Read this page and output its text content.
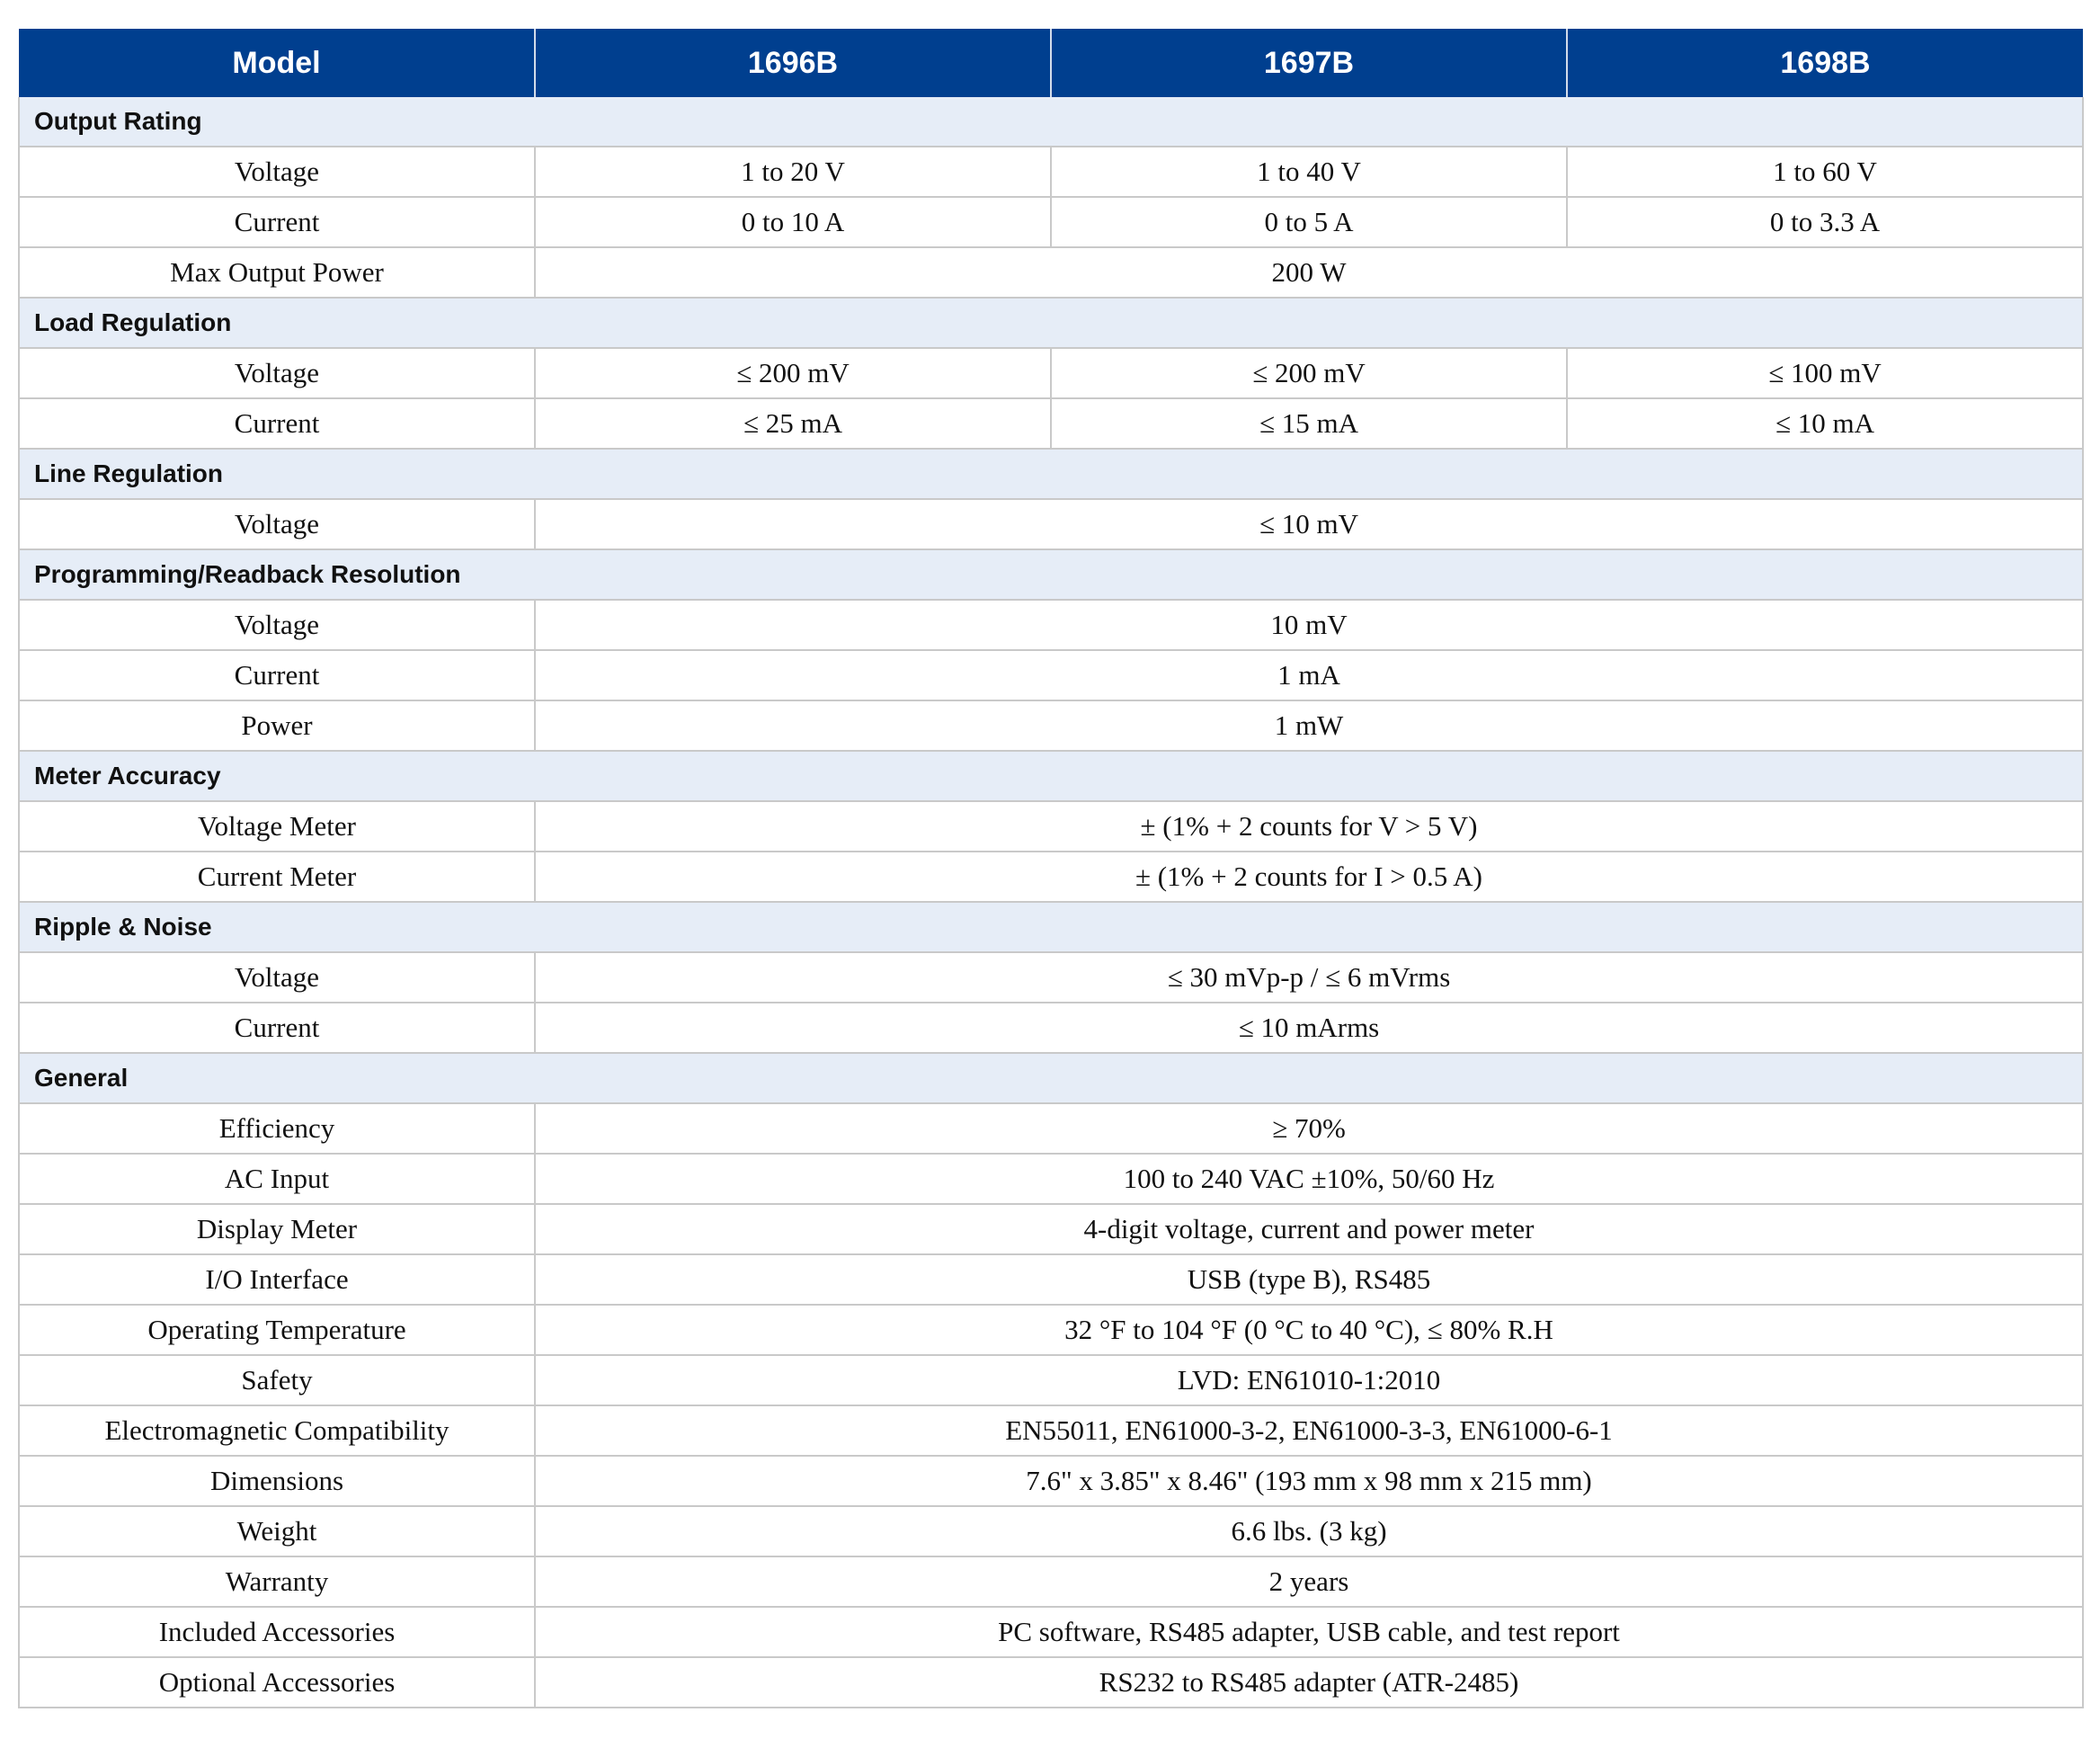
Model	1696B	1697B	1698B
Output Rating			
Voltage	1 to 20 V	1 to 40 V	1 to 60 V
Current	0 to 10 A	0 to 5 A	0 to 3.3 A
Max Output Power	200 W		
Load Regulation			
Voltage	≤ 200 mV	≤ 200 mV	≤ 100 mV
Current	≤ 25 mA	≤ 15 mA	≤ 10 mA
Line Regulation			
Voltage	≤ 10 mV		
Programming/Readback Resolution			
Voltage	10 mV		
Current	1 mA		
Power	1 mW		
Meter Accuracy			
Voltage Meter	± (1% + 2 counts for V > 5 V)		
Current Meter	± (1% + 2 counts for I > 0.5 A)		
Ripple & Noise			
Voltage	≤ 30 mVp-p / ≤ 6 mVrms		
Current	≤ 10 mArms		
General			
Efficiency	≥ 70%		
AC Input	100 to 240 VAC ±10%, 50/60 Hz		
Display Meter	4-digit voltage, current and power meter		
I/O Interface	USB (type B), RS485		
Operating Temperature	32 °F to 104 °F (0 °C to 40 °C), ≤ 80% R.H		
Safety	LVD: EN61010-1:2010		
Electromagnetic Compatibility	EN55011, EN61000-3-2, EN61000-3-3, EN61000-6-1		
Dimensions	7.6" x 3.85" x 8.46" (193 mm x 98 mm x 215 mm)		
Weight	6.6 lbs. (3 kg)		
Warranty	2 years		
Included Accessories	PC software, RS485 adapter, USB cable, and test report		
Optional Accessories	RS232 to RS485 adapter (ATR-2485)		
